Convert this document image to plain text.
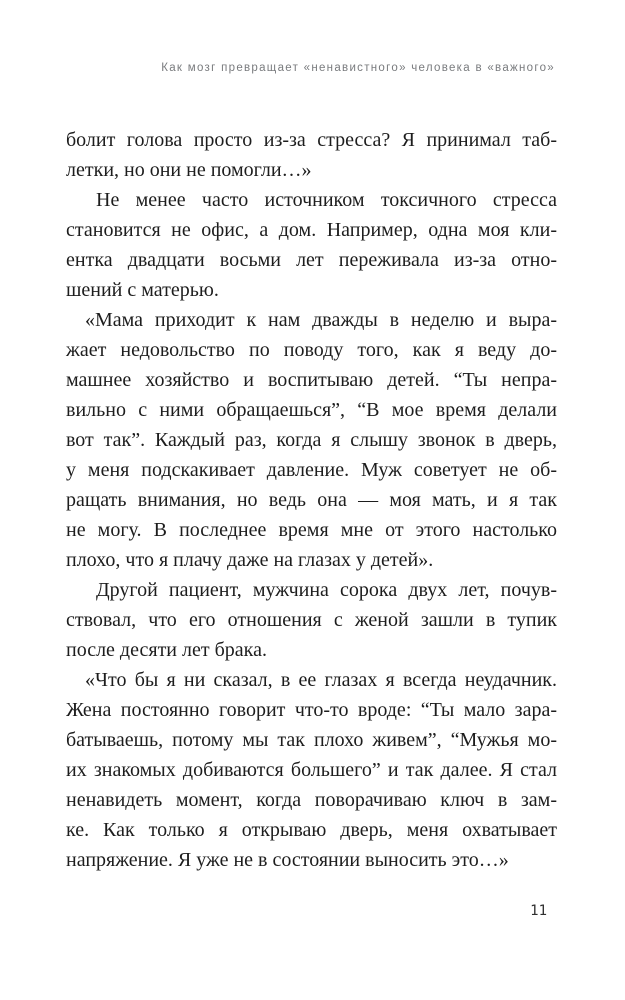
Как мозг превращает «ненавистного» человека в «важного»
болит голова просто из-за стресса? Я принимал таб-
летки, но они не помогли…»
Не менее часто источником токсичного стресса
становится не офис, а дом. Например, одна моя кли-
ентка двадцати восьми лет переживала из-за отно-
шений с матерью.
«Мама приходит к нам дважды в неделю и выра-
жает недовольство по поводу того, как я веду до-
машнее хозяйство и воспитываю детей. “Ты непра-
вильно с ними обращаешься”, “В мое время делали
вот так”. Каждый раз, когда я слышу звонок в дверь,
у меня подскакивает давление. Муж советует не об-
ращать внимания, но ведь она — моя мать, и я так
не могу. В последнее время мне от этого настолько
плохо, что я плачу даже на глазах у детей».
Другой пациент, мужчина сорока двух лет, почув-
ствовал, что его отношения с женой зашли в тупик
после десяти лет брака.
«Что бы я ни сказал, в ее глазах я всегда неудачник.
Жена постоянно говорит что-то вроде: “Ты мало зара-
батываешь, потому мы так плохо живем”, “Мужья мо-
их знакомых добиваются большего” и так далее. Я стал
ненавидеть момент, когда поворачиваю ключ в зам-
ке. Как только я открываю дверь, меня охватывает
напряжение. Я уже не в состоянии выносить это…»
11
